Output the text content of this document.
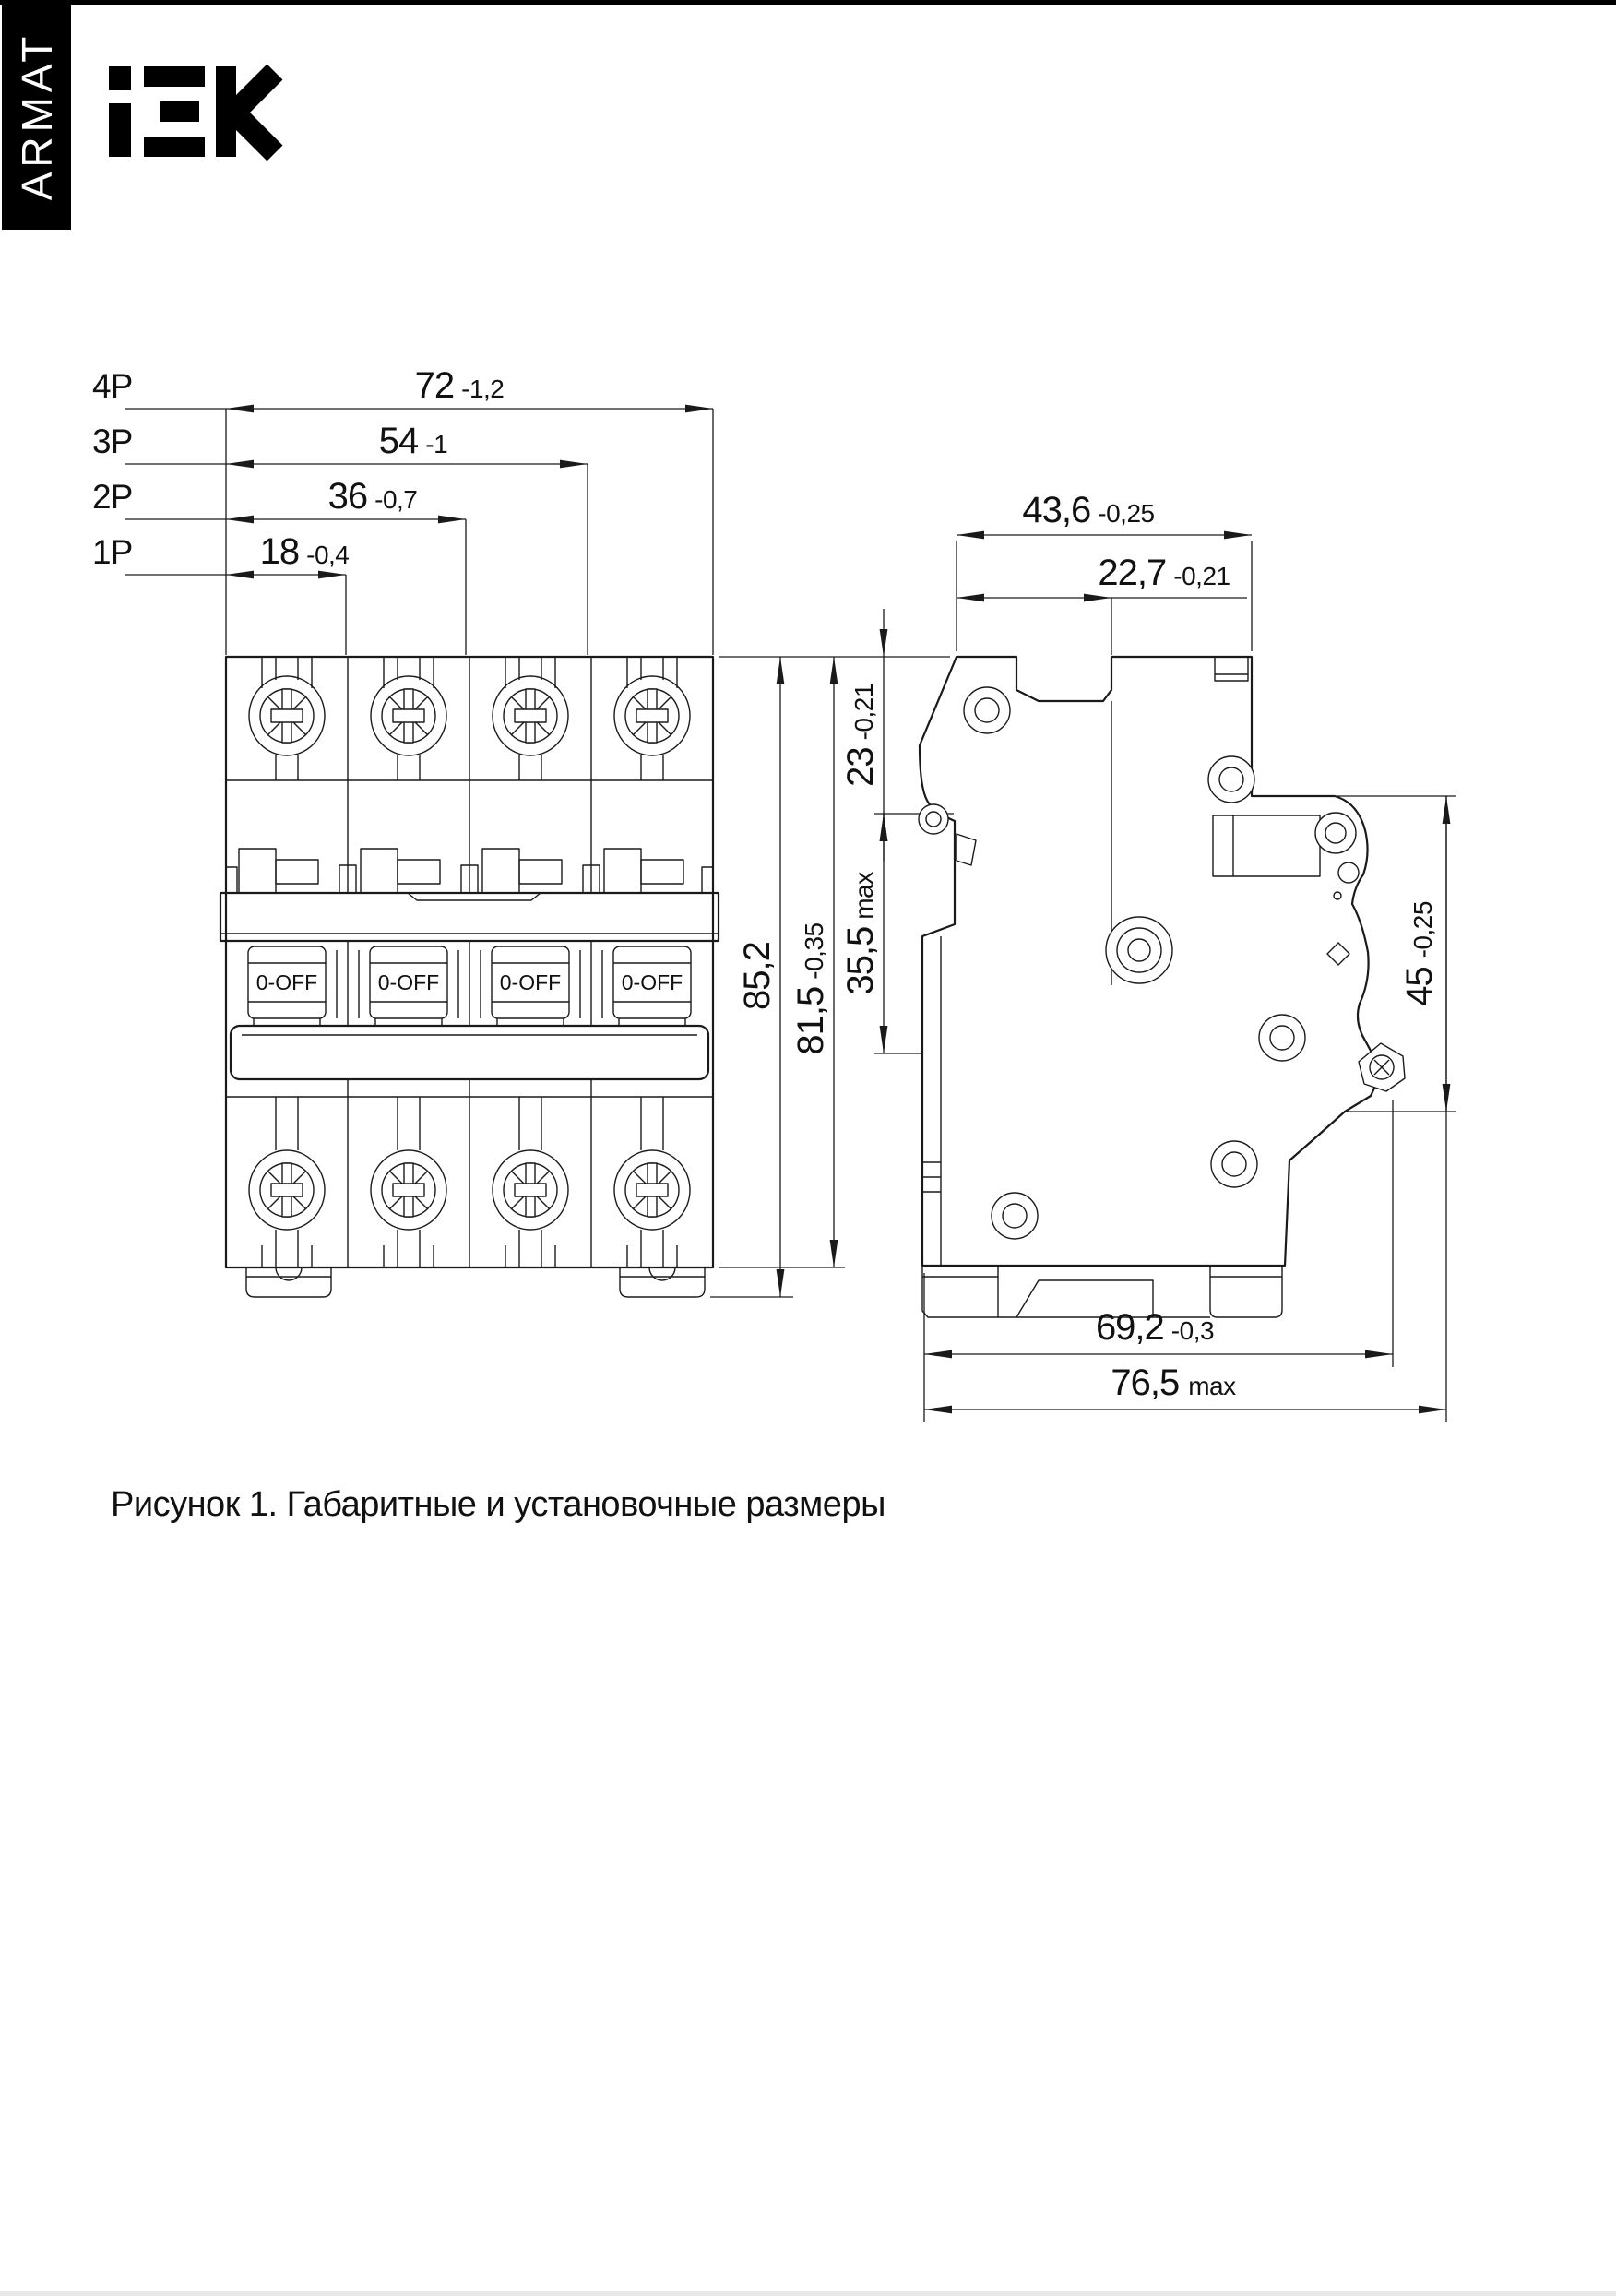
ARMAT
4P	72 -1,2
3P	54 -1
2P	36 -0,7
1P	18 -0,4
0-OFF	0-OFF	0-OFF	0-OFF 85,2
81,5-0,35
23-0,21
35,5max
43,6 -0,25
22,7 -0,21
45-0,25
69,2 -0,3
76,5 max
Рисунок 1. Габаритные и установочные размеры
